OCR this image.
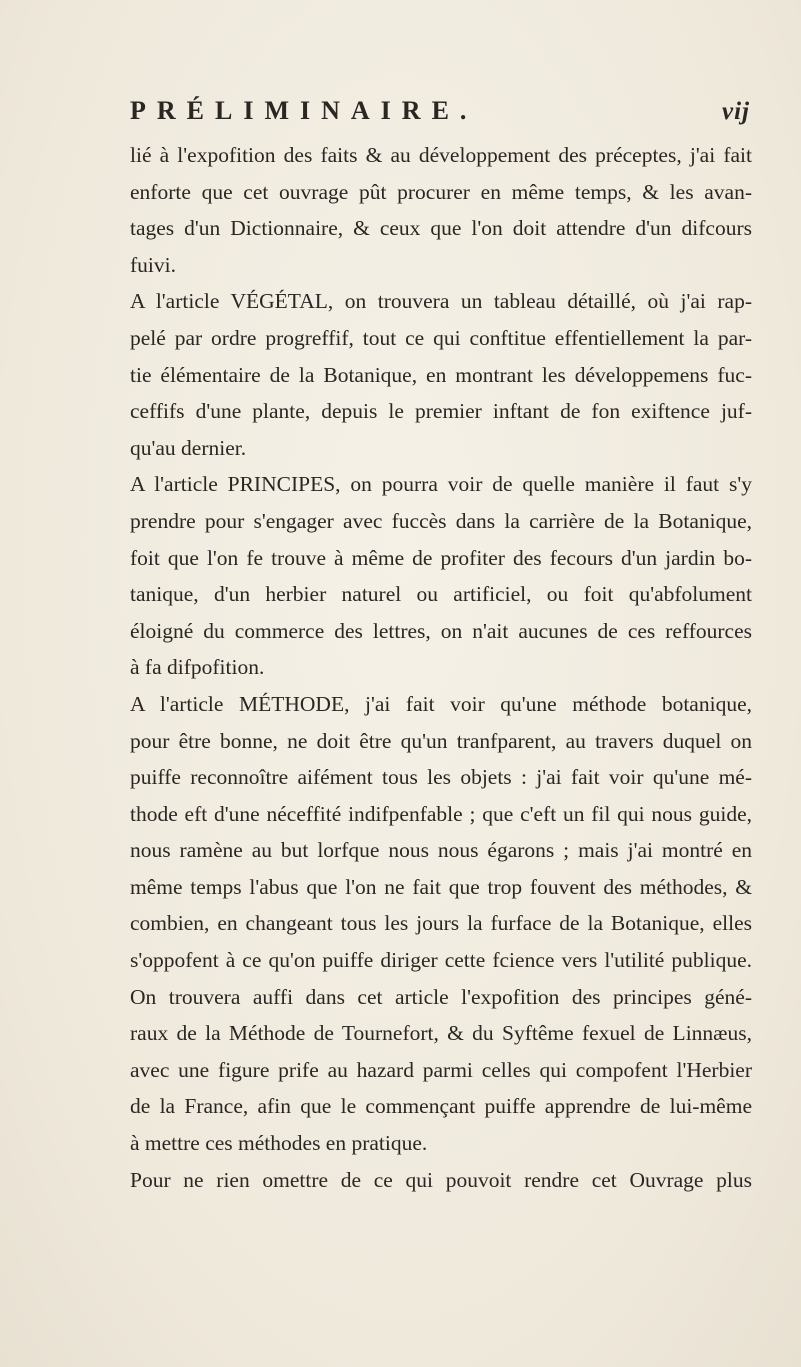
PRÉLIMINAIRE.	vij

lié à l'expofition des faits & au développement des préceptes, j'ai fait
enforte que cet ouvrage pût procurer en même temps, & les avan-
tages d'un Dictionnaire, & ceux que l'on doit attendre d'un difcours
fuivi.

A l'article VÉGÉTAL, on trouvera un tableau détaillé, où j'ai rap-
pelé par ordre progreffif, tout ce qui conftitue effentiellement la par-
tie élémentaire de la Botanique, en montrant les développemens fuc-
ceffifs d'une plante, depuis le premier inftant de fon exiftence juf-
qu'au dernier.

A l'article PRINCIPES, on pourra voir de quelle manière il faut s'y
prendre pour s'engager avec fuccès dans la carrière de la Botanique,
foit que l'on fe trouve à même de profiter des fecours d'un jardin bo-
tanique, d'un herbier naturel ou artificiel, ou foit qu'abfolument
éloigné du commerce des lettres, on n'ait aucunes de ces reffources
à fa difpofition.

A l'article MÉTHODE, j'ai fait voir qu'une méthode botanique,
pour être bonne, ne doit être qu'un tranfparent, au travers duquel on
puiffe reconnoître aifément tous les objets : j'ai fait voir qu'une mé-
thode eft d'une néceffité indifpenfable ; que c'eft un fil qui nous guide,
nous ramène au but lorfque nous nous égarons ; mais j'ai montré en
même temps l'abus que l'on ne fait que trop fouvent des méthodes, &
combien, en changeant tous les jours la furface de la Botanique, elles
s'oppofent à ce qu'on puiffe diriger cette fcience vers l'utilité publique.
On trouvera auffi dans cet article l'expofition des principes géné-
raux de la Méthode de Tournefort, & du Syftême fexuel de Linnæus,
avec une figure prife au hazard parmi celles qui compofent l'Herbier
de la France, afin que le commençant puiffe apprendre de lui-même
à mettre ces méthodes en pratique.

Pour ne rien omettre de ce qui pouvoit rendre cet Ouvrage plus
